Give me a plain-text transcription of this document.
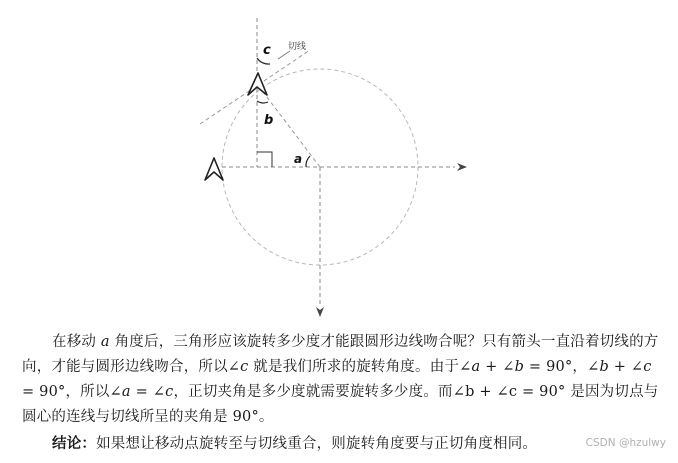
切线
c
b
a
在移动 a 角度后，三角形应该旋转多少度才能跟圆形边线吻合呢？只有箭头一直沿着切线的方向，才能与圆形边线吻合，所以∠c 就是我们所求的旋转角度。由于∠a + ∠b = 90°，∠b + ∠c = 90°，所以∠a = ∠c，正切夹角是多少度就需要旋转多少度。而∠b + ∠c = 90° 是因为切点与圆心的连线与切线所呈的夹角是 90°。
结论：如果想让移动点旋转至与切线重合，则旋转角度要与正切角度相同。	CSDN @hzulwy
